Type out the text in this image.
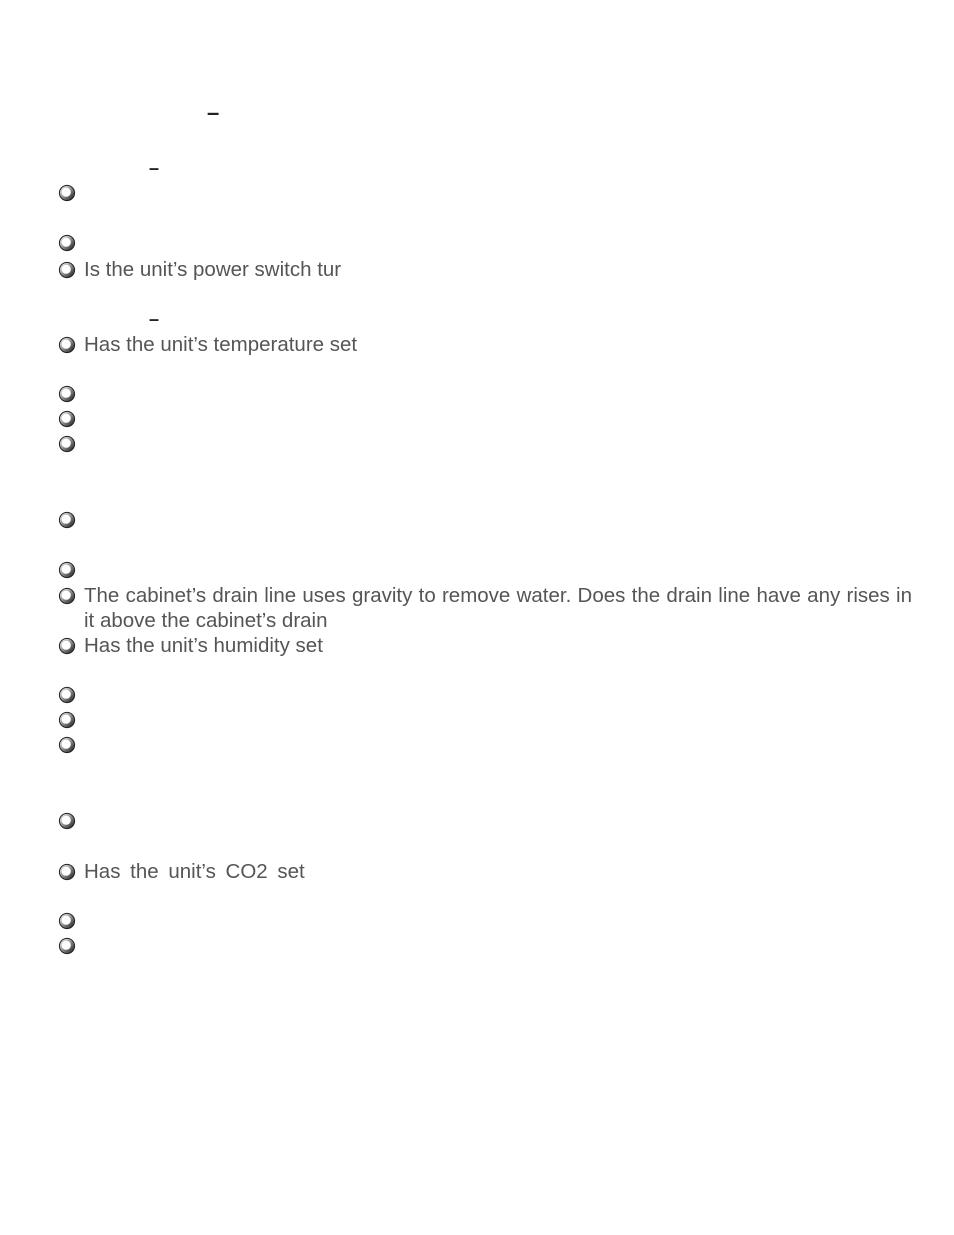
–
–
–
Is the unit’s power switch tur
Has the unit’s temperature set
The cabinet’s drain line uses gravity to remove water. Does the drain line have any rises in it above the cabinet’s drain
Has the unit’s humidity set
Has the unit’s CO2 set
